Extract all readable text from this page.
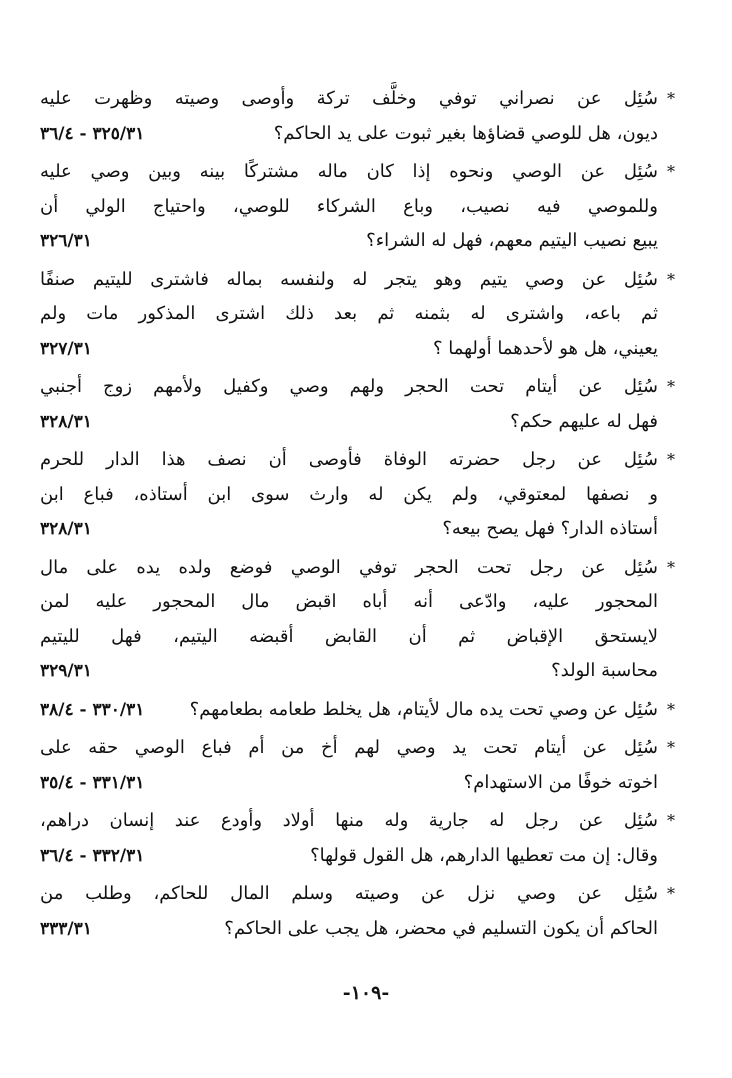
*
سُئِل عن نصراني توفي وخلَّف تركة وأوصى وصيته وظهرت عليه
ديون، هل للوصي قضاؤها بغير ثبوت على يد الحاكم؟
٣٢٥/٣١ - ٣٦/٤
*
سُئِل عن الوصي ونحوه إذا كان ماله مشتركًا بينه وبين وصي عليه
وللموصي فيه نصيب، وباع الشركاء للوصي، واحتياج الولي أن
يبيع نصيب اليتيم معهم، فهل له الشراء؟
٣٢٦/٣١
*
سُئِل عن وصي يتيم وهو يتجر له ولنفسه بماله فاشترى لليتيم صنفًا
ثم باعه، واشترى له بثمنه ثم بعد ذلك اشترى المذكور مات ولم
يعيني، هل هو لأحدهما أولهما ؟
٣٢٧/٣١
*
سُئِل عن أيتام تحت الحجر ولهم وصي وكفيل ولأمهم زوج أجنبي
فهل له عليهم حكم؟
٣٢٨/٣١
*
سُئِل عن رجل حضرته الوفاة فأوصى أن نصف هذا الدار للحرم
و نصفها لمعتوقي، ولم يكن له وارث سوى ابن أستاذه، فباع ابن
أستاذه الدار؟ فهل يصح بيعه؟
٣٢٨/٣١
*
سُئِل عن رجل تحت الحجر توفي الوصي فوضع ولده يده على مال
المحجور عليه، وادّعى أنه أباه اقبض مال المحجور عليه لمن
لايستحق الإقباض ثم أن القابض أقبضه اليتيم، فهل لليتيم
محاسبة الولد؟
٣٢٩/٣١
*
سُئِل عن وصي تحت يده مال لأيتام، هل يخلط طعامه بطعامهم؟
٣٣٠/٣١ - ٣٨/٤
*
سُئِل عن أيتام تحت يد وصي لهم أخ من أم فباع الوصي حقه على
اخوته خوفًا من الاستهدام؟
٣٣١/٣١ - ٣٥/٤
*
سُئِل عن رجل له جارية وله منها أولاد وأودع عند إنسان دراهم،
وقال: إن مت تعطيها الدارهم، هل القول قولها؟
٣٣٢/٣١ - ٣٦/٤
*
سُئِل عن وصي نزل عن وصيته وسلم المال للحاكم، وطلب من
الحاكم أن يكون التسليم في محضر، هل يجب على الحاكم؟
٣٣٣/٣١
-١٠٩-
